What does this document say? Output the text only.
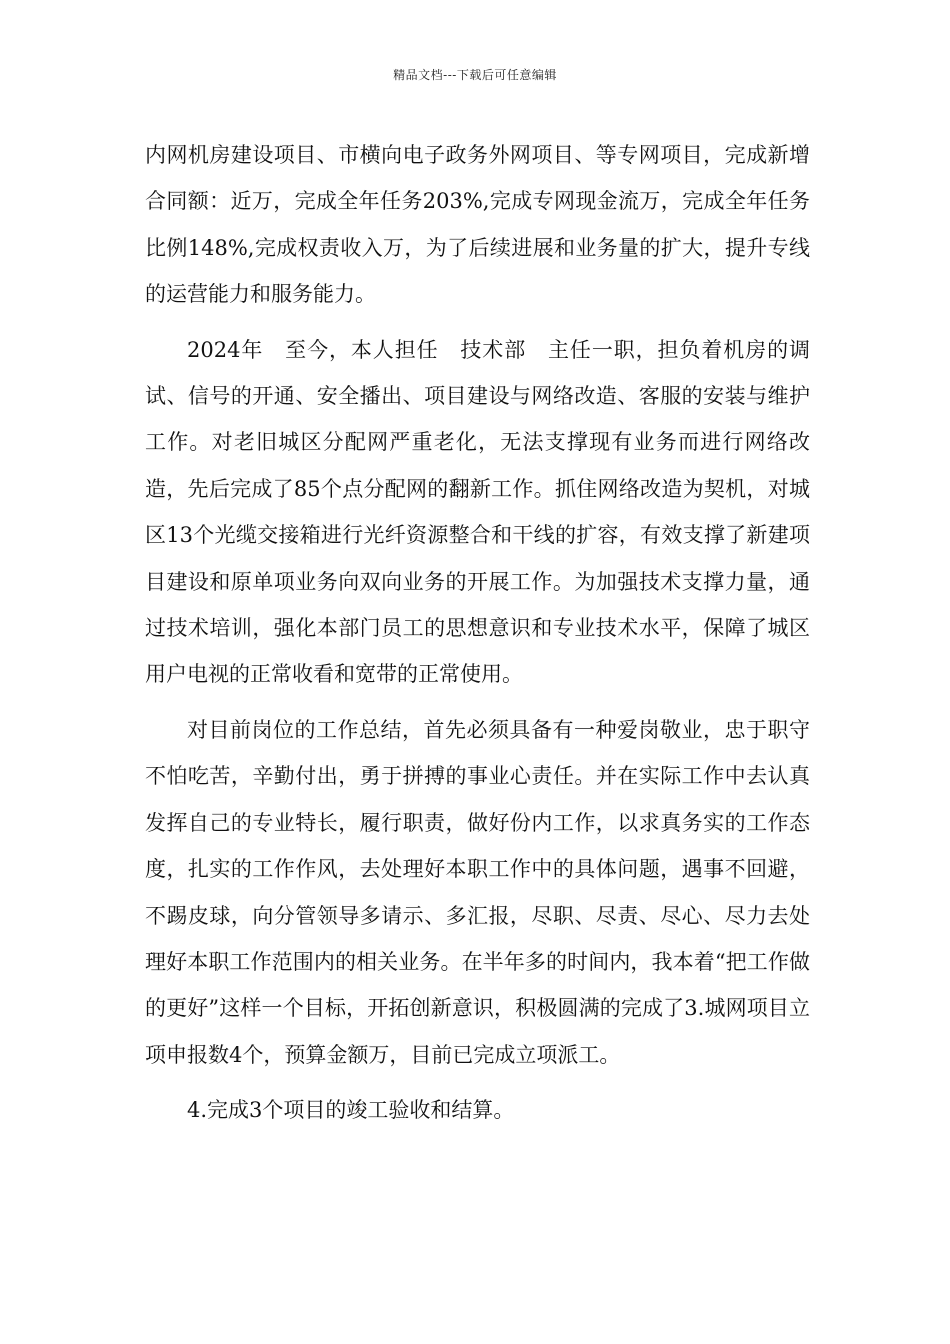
精品文档---下载后可任意编辑

内网机房建设项目、市横向电子政务外网项目、等专网项目，完成新增合同额：近万，完成全年任务203%,完成专网现金流万，完成全年任务比例148%,完成权责收入万，为了后续进展和业务量的扩大，提升专线的运营能力和服务能力。

2024年　至今，本人担任　技术部　主任一职，担负着机房的调试、信号的开通、安全播出、项目建设与网络改造、客服的安装与维护工作。对老旧城区分配网严重老化，无法支撑现有业务而进行网络改造，先后完成了85个点分配网的翻新工作。抓住网络改造为契机，对城区13个光缆交接箱进行光纤资源整合和干线的扩容，有效支撑了新建项目建设和原单项业务向双向业务的开展工作。为加强技术支撑力量，通过技术培训，强化本部门员工的思想意识和专业技术水平，保障了城区用户电视的正常收看和宽带的正常使用。

对目前岗位的工作总结，首先必须具备有一种爱岗敬业，忠于职守不怕吃苦，辛勤付出，勇于拼搏的事业心责任。并在实际工作中去认真发挥自己的专业特长，履行职责，做好份内工作，以求真务实的工作态度，扎实的工作作风，去处理好本职工作中的具体问题，遇事不回避，不踢皮球，向分管领导多请示、多汇报，尽职、尽责、尽心、尽力去处理好本职工作范围内的相关业务。在半年多的时间内，我本着“把工作做的更好”这样一个目标，开拓创新意识，积极圆满的完成了3.城网项目立项申报数4个，预算金额万，目前已完成立项派工。

4.完成3个项目的竣工验收和结算。
